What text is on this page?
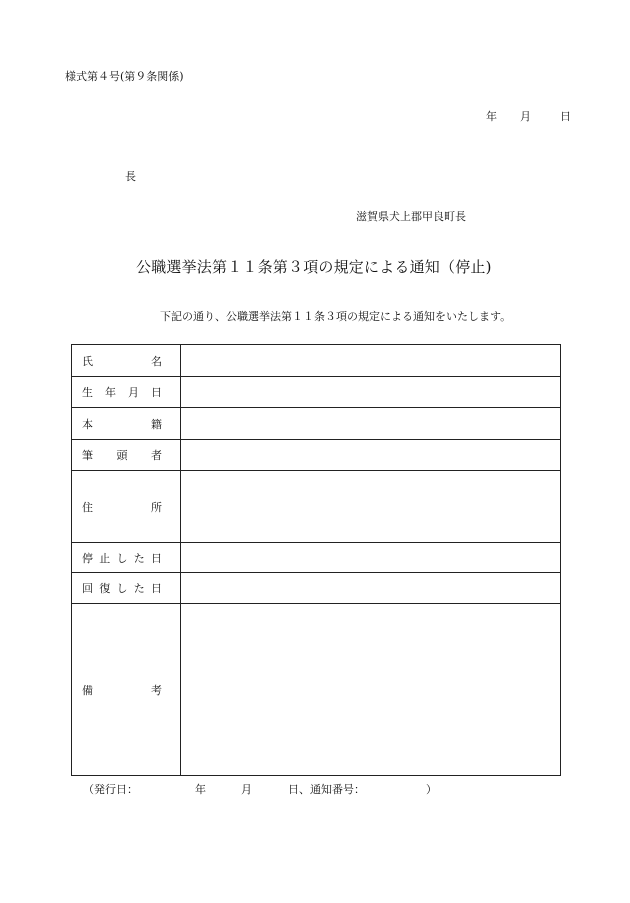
様式第４号(第９条関係)
年 月	日
長
滋賀県犬上郡甲良町長
公職選挙法第１１条第３項の規定による通知（停止)
下記の通り、公職選挙法第１１条３項の規定による通知をいたします。
氏 名	

生 年 月 日	

本 籍	

筆 頭 者	

住 所	

停 止 し た 日	

回 復 し た 日	

備 考	

（発行日：	年	月	日、通知番号：	）
